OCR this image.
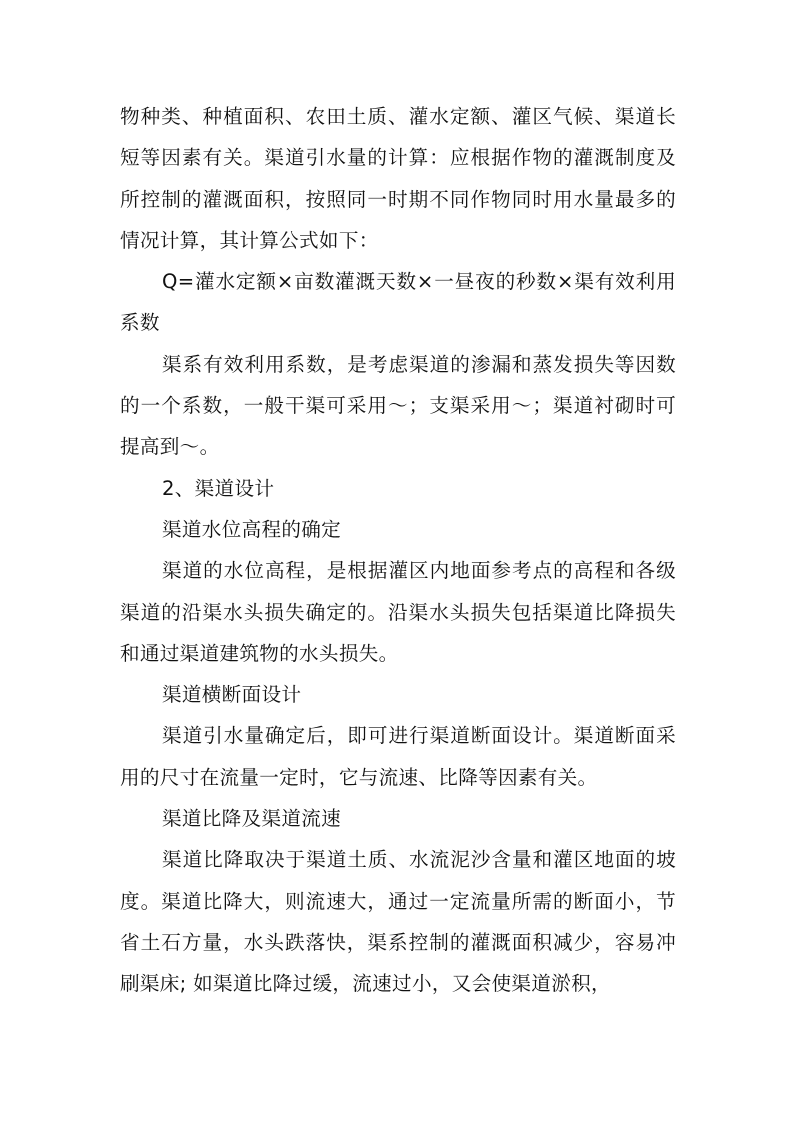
物种类、种植面积、农田土质、灌水定额、灌区气候、渠道长短等因素有关。渠道引水量的计算：应根据作物的灌溉制度及所控制的灌溉面积，按照同一时期不同作物同时用水量最多的情况计算，其计算公式如下：

Q=灌水定额×亩数灌溉天数×一昼夜的秒数×渠有效利用系数

渠系有效利用系数，是考虑渠道的渗漏和蒸发损失等因数的一个系数，一般干渠可采用～；支渠采用～；渠道衬砌时可提高到～。

2、渠道设计

渠道水位高程的确定

渠道的水位高程，是根据灌区内地面参考点的高程和各级渠道的沿渠水头损失确定的。沿渠水头损失包括渠道比降损失和通过渠道建筑物的水头损失。

渠道横断面设计

渠道引水量确定后，即可进行渠道断面设计。渠道断面采用的尺寸在流量一定时，它与流速、比降等因素有关。

渠道比降及渠道流速

渠道比降取决于渠道土质、水流泥沙含量和灌区地面的坡度。渠道比降大，则流速大，通过一定流量所需的断面小，节省土石方量，水头跌落快，渠系控制的灌溉面积减少，容易冲刷渠床; 如渠道比降过缓，流速过小，又会使渠道淤积，
